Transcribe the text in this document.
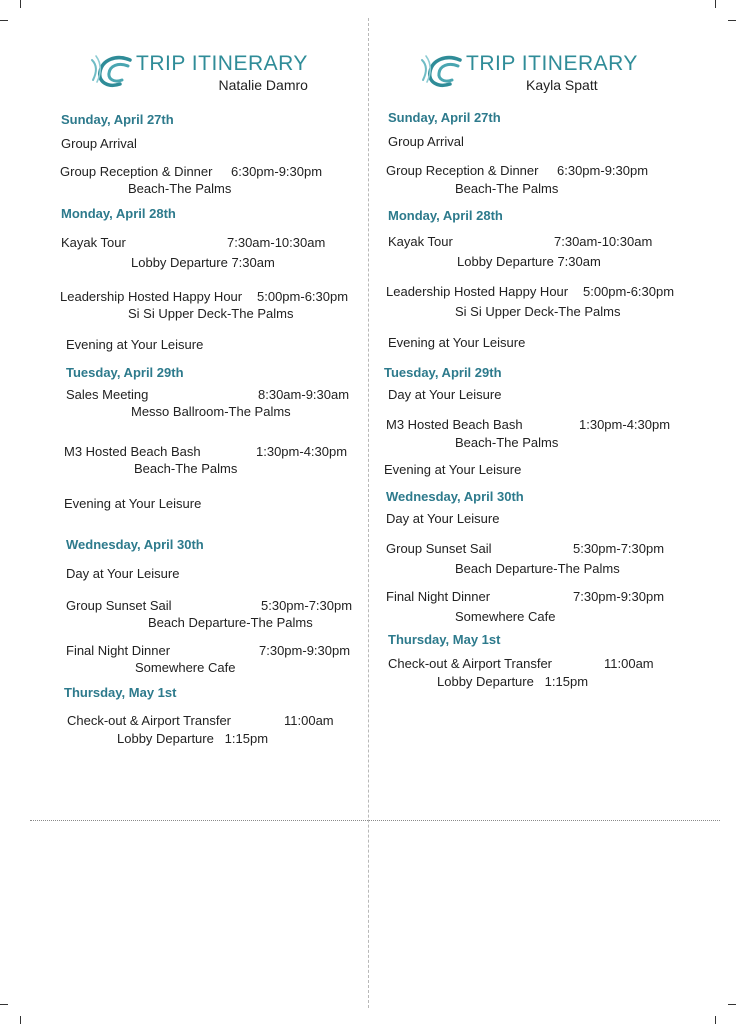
TRIP ITINERARY
Natalie Damro
Sunday, April 27th
Group Arrival
Group Reception & Dinner 6:30pm-9:30pm
Beach-The Palms
Monday, April 28th
Kayak Tour	7:30am-10:30am
Lobby Departure 7:30am
Leadership Hosted Happy Hour 5:00pm-6:30pm
Si Si Upper Deck-The Palms
Evening at Your Leisure
Tuesday, April 29th
Sales Meeting	8:30am-9:30am
Messo Ballroom-The Palms
M3 Hosted Beach Bash	1:30pm-4:30pm
Beach-The Palms
Evening at Your Leisure
Wednesday, April 30th
Day at Your Leisure
Group Sunset Sail	5:30pm-7:30pm
Beach Departure-The Palms
Final Night Dinner	7:30pm-9:30pm
Somewhere Cafe
Thursday, May 1st
Check-out & Airport Transfer	11:00am
Lobby Departure   1:15pm
TRIP ITINERARY
Kayla Spatt
Sunday, April 27th
Group Arrival
Group Reception & Dinner 6:30pm-9:30pm
Beach-The Palms
Monday, April 28th
Kayak Tour	7:30am-10:30am
Lobby Departure 7:30am
Leadership Hosted Happy Hour 5:00pm-6:30pm
Si Si Upper Deck-The Palms
Evening at Your Leisure
Tuesday, April 29th
Day at Your Leisure
M3 Hosted Beach Bash	1:30pm-4:30pm
Beach-The Palms
Evening at Your Leisure
Wednesday, April 30th
Day at Your Leisure
Group Sunset Sail	5:30pm-7:30pm
Beach Departure-The Palms
Final Night Dinner	7:30pm-9:30pm
Somewhere Cafe
Thursday, May 1st
Check-out & Airport Transfer	11:00am
Lobby Departure   1:15pm
